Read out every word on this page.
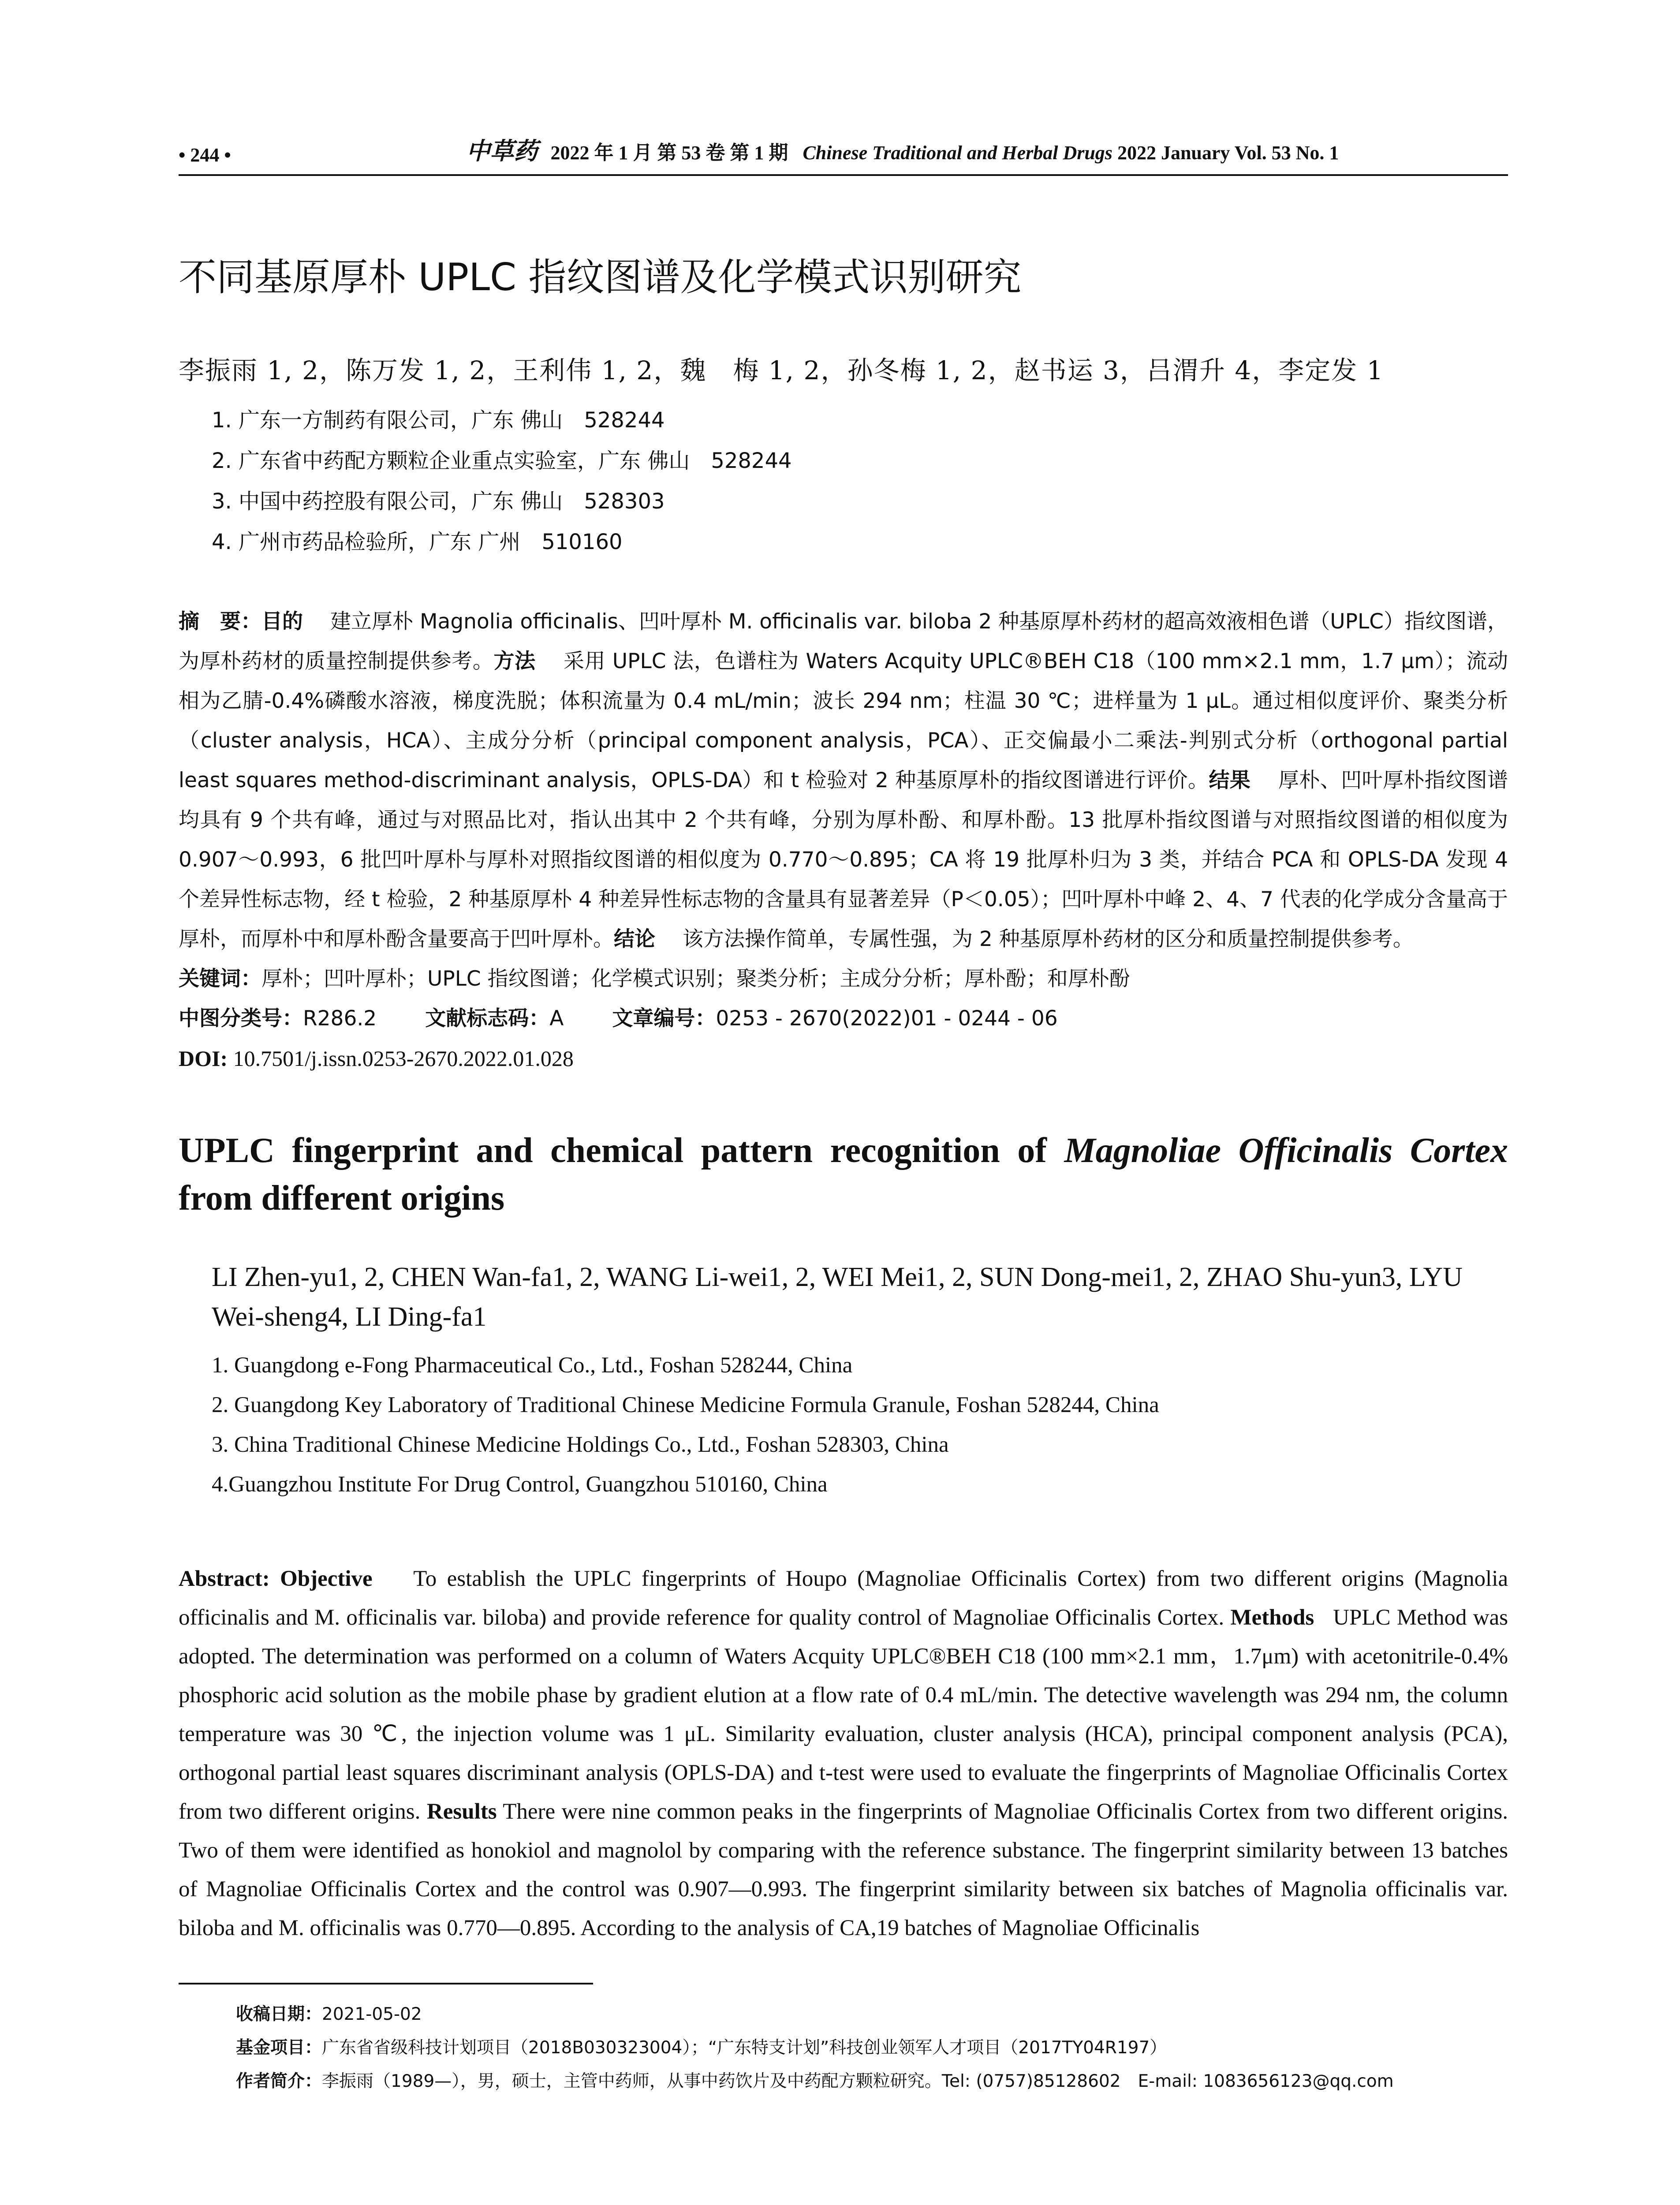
• 244 •	中草药 2022 年 1 月 第 53 卷 第 1 期 Chinese Traditional and Herbal Drugs 2022 January Vol. 53 No. 1
不同基原厚朴 UPLC 指纹图谱及化学模式识别研究
李振雨 1, 2，陈万发 1, 2，王利伟 1, 2，魏　梅 1, 2，孙冬梅 1, 2，赵书运 3，吕渭升 4，李定发 1
1. 广东一方制药有限公司，广东 佛山　528244
2. 广东省中药配方颗粒企业重点实验室，广东 佛山　528244
3. 中国中药控股有限公司，广东 佛山　528303
4. 广州市药品检验所，广东 广州　510160
摘　要：目的　 建立厚朴 Magnolia officinalis、凹叶厚朴 M. officinalis var. biloba 2 种基原厚朴药材的超高效液相色谱（UPLC）指纹图谱，为厚朴药材的质量控制提供参考。方法　 采用 UPLC 法，色谱柱为 Waters Acquity UPLC®BEH C18（100 mm×2.1 mm，1.7 μm）；流动相为乙腈-0.4%磷酸水溶液，梯度洗脱；体积流量为 0.4 mL/min；波长 294 nm；柱温 30 ℃；进样量为 1 μL。通过相似度评价、聚类分析（cluster analysis，HCA）、主成分分析（principal component analysis，PCA）、正交偏最小二乘法-判别式分析（orthogonal partial least squares method-discriminant analysis，OPLS-DA）和 t 检验对 2 种基原厚朴的指纹图谱进行评价。结果　 厚朴、凹叶厚朴指纹图谱均具有 9 个共有峰，通过与对照品比对，指认出其中 2 个共有峰，分别为厚朴酚、和厚朴酚。13 批厚朴指纹图谱与对照指纹图谱的相似度为 0.907～0.993，6 批凹叶厚朴与厚朴对照指纹图谱的相似度为 0.770～0.895；CA 将 19 批厚朴归为 3 类，并结合 PCA 和 OPLS-DA 发现 4 个差异性标志物，经 t 检验，2 种基原厚朴 4 种差异性标志物的含量具有显著差异（P＜0.05）；凹叶厚朴中峰 2、4、7 代表的化学成分含量高于厚朴，而厚朴中和厚朴酚含量要高于凹叶厚朴。结论　 该方法操作简单，专属性强，为 2 种基原厚朴药材的区分和质量控制提供参考。
关键词：厚朴；凹叶厚朴；UPLC 指纹图谱；化学模式识别；聚类分析；主成分分析；厚朴酚；和厚朴酚
中图分类号：R286.2 文献标志码：A 文章编号：0253 - 2670(2022)01 - 0244 - 06
DOI: 10.7501/j.issn.0253-2670.2022.01.028
UPLC fingerprint and chemical pattern recognition of Magnoliae Officinalis Cortex from different origins
LI Zhen-yu1, 2, CHEN Wan-fa1, 2, WANG Li-wei1, 2, WEI Mei1, 2, SUN Dong-mei1, 2, ZHAO Shu-yun3, LYU Wei-sheng4, LI Ding-fa1
1. Guangdong e-Fong Pharmaceutical Co., Ltd., Foshan 528244, China
2. Guangdong Key Laboratory of Traditional Chinese Medicine Formula Granule, Foshan 528244, China
3. China Traditional Chinese Medicine Holdings Co., Ltd., Foshan 528303, China
4.Guangzhou Institute For Drug Control, Guangzhou 510160, China
Abstract: Objective To establish the UPLC fingerprints of Houpo (Magnoliae Officinalis Cortex) from two different origins (Magnolia officinalis and M. officinalis var. biloba) and provide reference for quality control of Magnoliae Officinalis Cortex. Methods UPLC Method was adopted. The determination was performed on a column of Waters Acquity UPLC®BEH C18 (100 mm×2.1 mm，1.7μm) with acetonitrile-0.4% phosphoric acid solution as the mobile phase by gradient elution at a flow rate of 0.4 mL/min. The detective wavelength was 294 nm, the column temperature was 30 ℃, the injection volume was 1 μL. Similarity evaluation, cluster analysis (HCA), principal component analysis (PCA), orthogonal partial least squares discriminant analysis (OPLS-DA) and t-test were used to evaluate the fingerprints of Magnoliae Officinalis Cortex from two different origins. Results There were nine common peaks in the fingerprints of Magnoliae Officinalis Cortex from two different origins. Two of them were identified as honokiol and magnolol by comparing with the reference substance. The fingerprint similarity between 13 batches of Magnoliae Officinalis Cortex and the control was 0.907—0.993. The fingerprint similarity between six batches of Magnolia officinalis var. biloba and M. officinalis was 0.770—0.895. According to the analysis of CA,19 batches of Magnoliae Officinalis
收稿日期：2021-05-02
基金项目：广东省省级科技计划项目（2018B030323004）；“广东特支计划”科技创业领军人才项目（2017TY04R197）
作者简介：李振雨（1989—），男，硕士，主管中药师，从事中药饮片及中药配方颗粒研究。Tel: (0757)85128602　E-mail: 1083656123@qq.com
